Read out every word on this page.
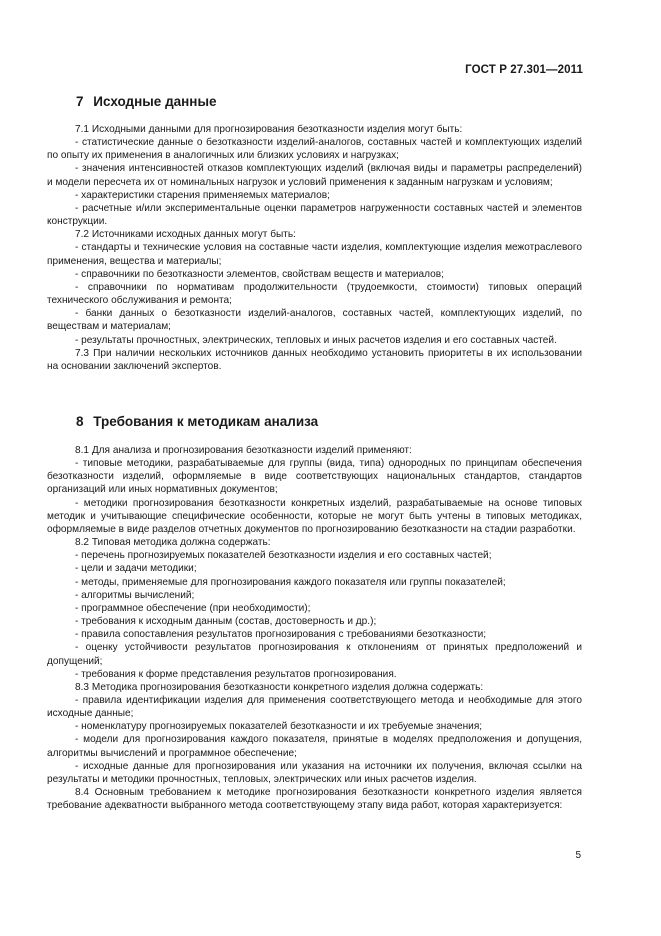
ГОСТ Р 27.301—2011
7 Исходные данные

7.1 Исходными данными для прогнозирования безотказности изделия могут быть:

- статистические данные о безотказности изделий-аналогов, составных частей и комплектующих изделий по опыту их применения в аналогичных или близких условиях и нагрузках;

- значения интенсивностей отказов комплектующих изделий (включая виды и параметры распределений) и модели пересчета их от номинальных нагрузок и условий применения к заданным нагрузкам и условиям;

- характеристики старения применяемых материалов;

- расчетные и/или экспериментальные оценки параметров нагруженности составных частей и элементов конструкции.

7.2 Источниками исходных данных могут быть:

- стандарты и технические условия на составные части изделия, комплектующие изделия межотраслевого применения, вещества и материалы;

- справочники по безотказности элементов, свойствам веществ и материалов;

- справочники по нормативам продолжительности (трудоемкости, стоимости) типовых операций технического обслуживания и ремонта;

- банки данных о безотказности изделий-аналогов, составных частей, комплектующих изделий, по веществам и материалам;

- результаты прочностных, электрических, тепловых и иных расчетов изделия и его составных частей.

7.3 При наличии нескольких источников данных необходимо установить приоритеты в их использовании на основании заключений экспертов.

8 Требования к методикам анализа

8.1 Для анализа и прогнозирования безотказности изделий применяют:

- типовые методики, разрабатываемые для группы (вида, типа) однородных по принципам обеспечения безотказности изделий, оформляемые в виде соответствующих национальных стандартов, стандартов организаций или иных нормативных документов;

- методики прогнозирования безотказности конкретных изделий, разрабатываемые на основе типовых методик и учитывающие специфические особенности, которые не могут быть учтены в типовых методиках, оформляемые в виде разделов отчетных документов по прогнозированию безотказности на стадии разработки.

8.2 Типовая методика должна содержать:

- перечень прогнозируемых показателей безотказности изделия и его составных частей;

- цели и задачи методики;

- методы, применяемые для прогнозирования каждого показателя или группы показателей;

- алгоритмы вычислений;

- программное обеспечение (при необходимости);

- требования к исходным данным (состав, достоверность и др.);

- правила сопоставления результатов прогнозирования с требованиями безотказности;

- оценку устойчивости результатов прогнозирования к отклонениям от принятых предположений и допущений;

- требования к форме представления результатов прогнозирования.

8.3 Методика прогнозирования безотказности конкретного изделия должна содержать:

- правила идентификации изделия для применения соответствующего метода и необходимые для этого исходные данные;

- номенклатуру прогнозируемых показателей безотказности и их требуемые значения;

- модели для прогнозирования каждого показателя, принятые в моделях предположения и допущения, алгоритмы вычислений и программное обеспечение;

- исходные данные для прогнозирования или указания на источники их получения, включая ссылки на результаты и методики прочностных, тепловых, электрических или иных расчетов изделия.

8.4 Основным требованием к методике прогнозирования безотказности конкретного изделия является требование адекватности выбранного метода соответствующему этапу вида работ, которая характеризуется:

5
